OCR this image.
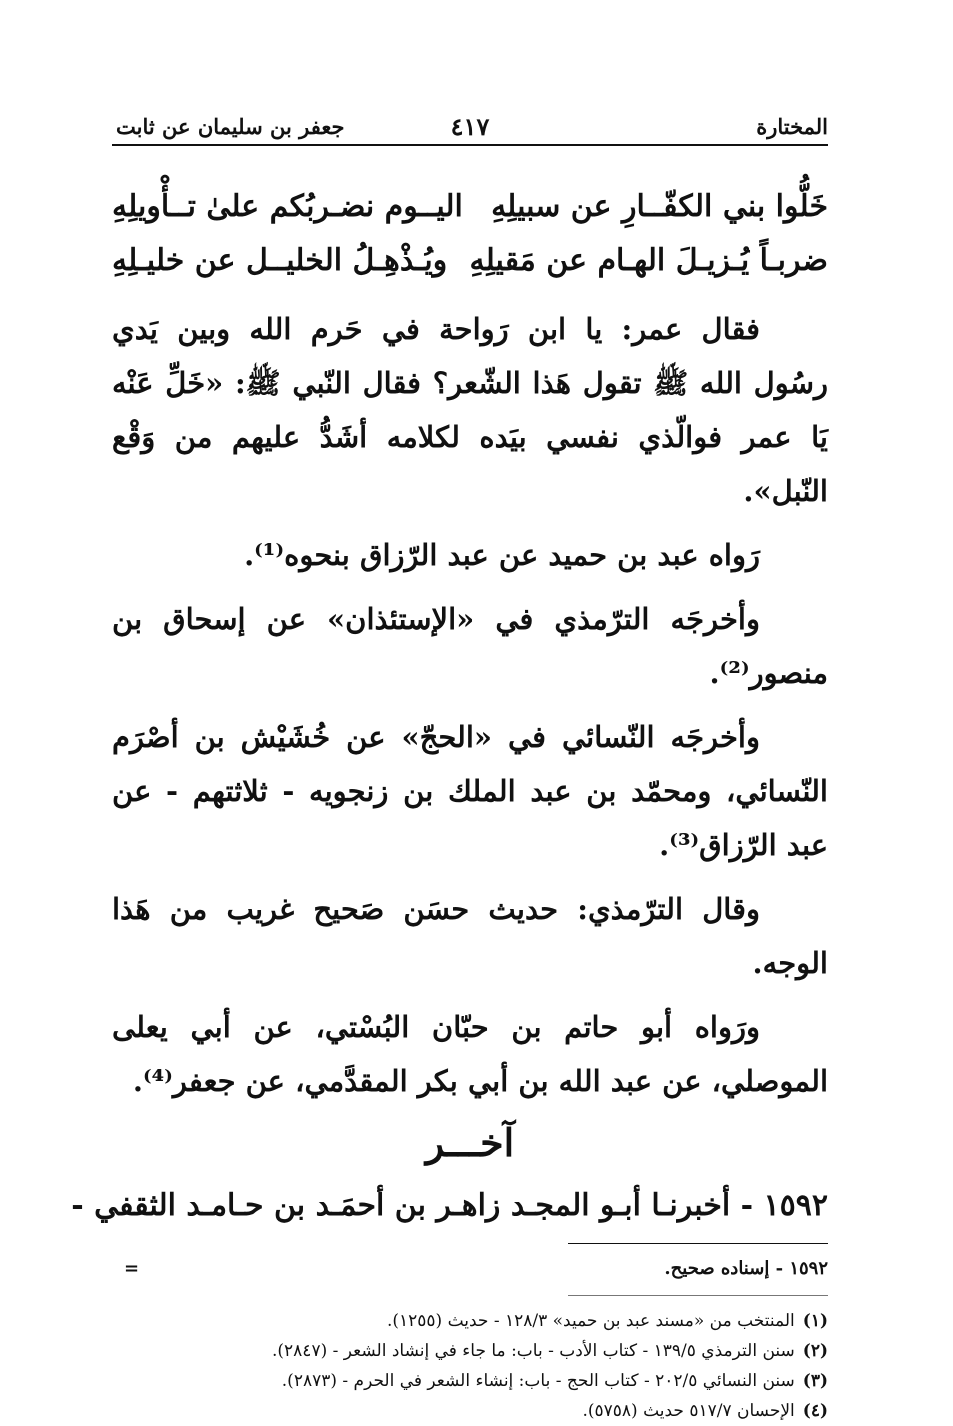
المختارة
٤١٧
جعفر بن سليمان عن ثابت
خَلُّوا بني الكفّــارِ عن سبيلِهِ
اليــوم نضـربُكم علىٰ تــأْويلِهِ
ضربـاً يُـزيـلَ الهـام عن مَقيلِهِ
ويُـذْهِـلُ الخليــل عن خليـلِهِ

فقال عمر: يا ابن رَواحة في حَرم الله وبين يَدي رسُول الله ﷺ تقول هَذا الشّعر؟ فقال النّبي ﷺ: «خَلِّ عَنْه يَا عمر فوالّذي نفسي بيَده لكلامه أشَدُّ عليهم من وَقْع النّبل».

رَواه عبد بن حميد عن عبد الرّزاق بنحوه⁽¹⁾.

وأخرجَه الترّمذي في «الإستئذان» عن إسحاق بن منصور⁽²⁾.

وأخرجَه النّسائي في «الحجّ» عن خُشَيْش بن أصْرَم النّسائي، ومحمّد بن عبد الملك بن زنجويه - ثلاثتهم - عن عبد الرّزاق⁽³⁾.

وقال الترّمذي: حديث حسَن صَحيح غريب من هَذا الوجه.

ورَواه أبو حاتم بن حبّان البُسْتي، عن أبي يعلى الموصلي، عن عبد الله بن أبي بكر المقدَّمي، عن جعفر⁽⁴⁾.

آخـــر
١٥٩٢ - أخبرنـا أبـو المجـد زاهـر بن أحمَـد بن حـامـد الثقفي -
١٥٩٢ - إسناده صحيح.
=
(١)المنتخب من «مسند عبد بن حميد» ١٢٨/٣ - حديث (١٢٥٥).
(٢)سنن الترمذي ١٣٩/٥ - كتاب الأدب - باب: ما جاء في إنشاد الشعر - (٢٨٤٧).
(٣)سنن النسائي ٢٠٢/٥ - كتاب الحج - باب: إنشاء الشعر في الحرم - (٢٨٧٣).
(٤)الإحسان ٥١٧/٧ حديث (٥٧٥٨).
